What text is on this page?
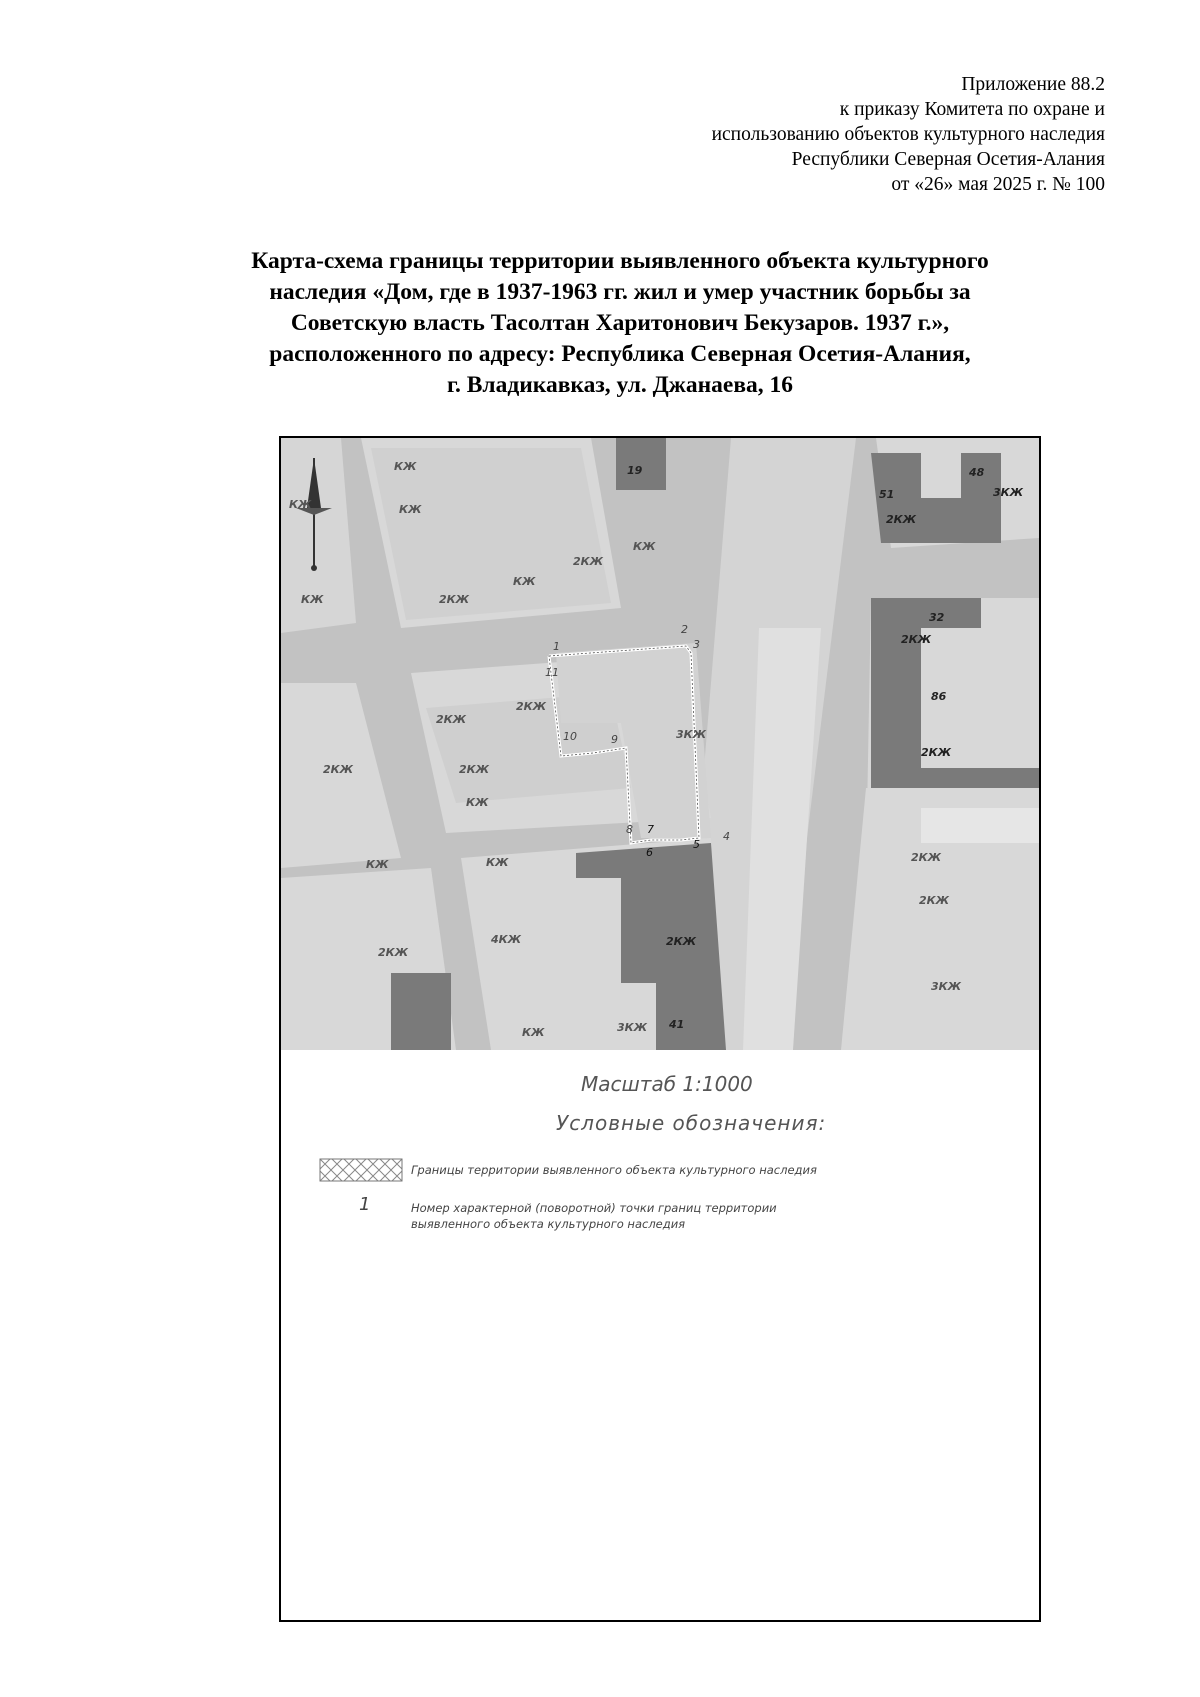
Приложение 88.2
к приказу Комитета по охране и
использованию объектов культурного наследия
Республики Северная Осетия-Алания
от «26» мая 2025 г. № 100
Карта-схема границы территории выявленного объекта культурного
наследия «Дом, где в 1937-1963 гг. жил и умер участник борьбы за
Советскую власть Тасолтан Харитонович Бекузаров. 1937 г.»,
расположенного по адресу: Республика Северная Осетия-Алания,
г. Владикавказ, ул. Джанаева, 16
КЖ
КЖ
КЖ
КЖ	2КЖ
КЖ
КЖ
2КЖ
19
51
48
3КЖ
2КЖ
32
2КЖ
86
2КЖ
2КЖ
2КЖ
3КЖ
2КЖ
2КЖ
КЖ
КЖ	КЖ
4КЖ
2КЖ
2КЖ
2КЖ
3КЖ
КЖ	3КЖ
2КЖ
41
1
2
3
4
5
6
7
8
9
10
11
Масштаб 1:1000
Условные обозначения:
Границы территории выявленного объекта культурного наследия
1	Номер характерной (поворотной) точки границ территории
выявленного объекта культурного наследия
